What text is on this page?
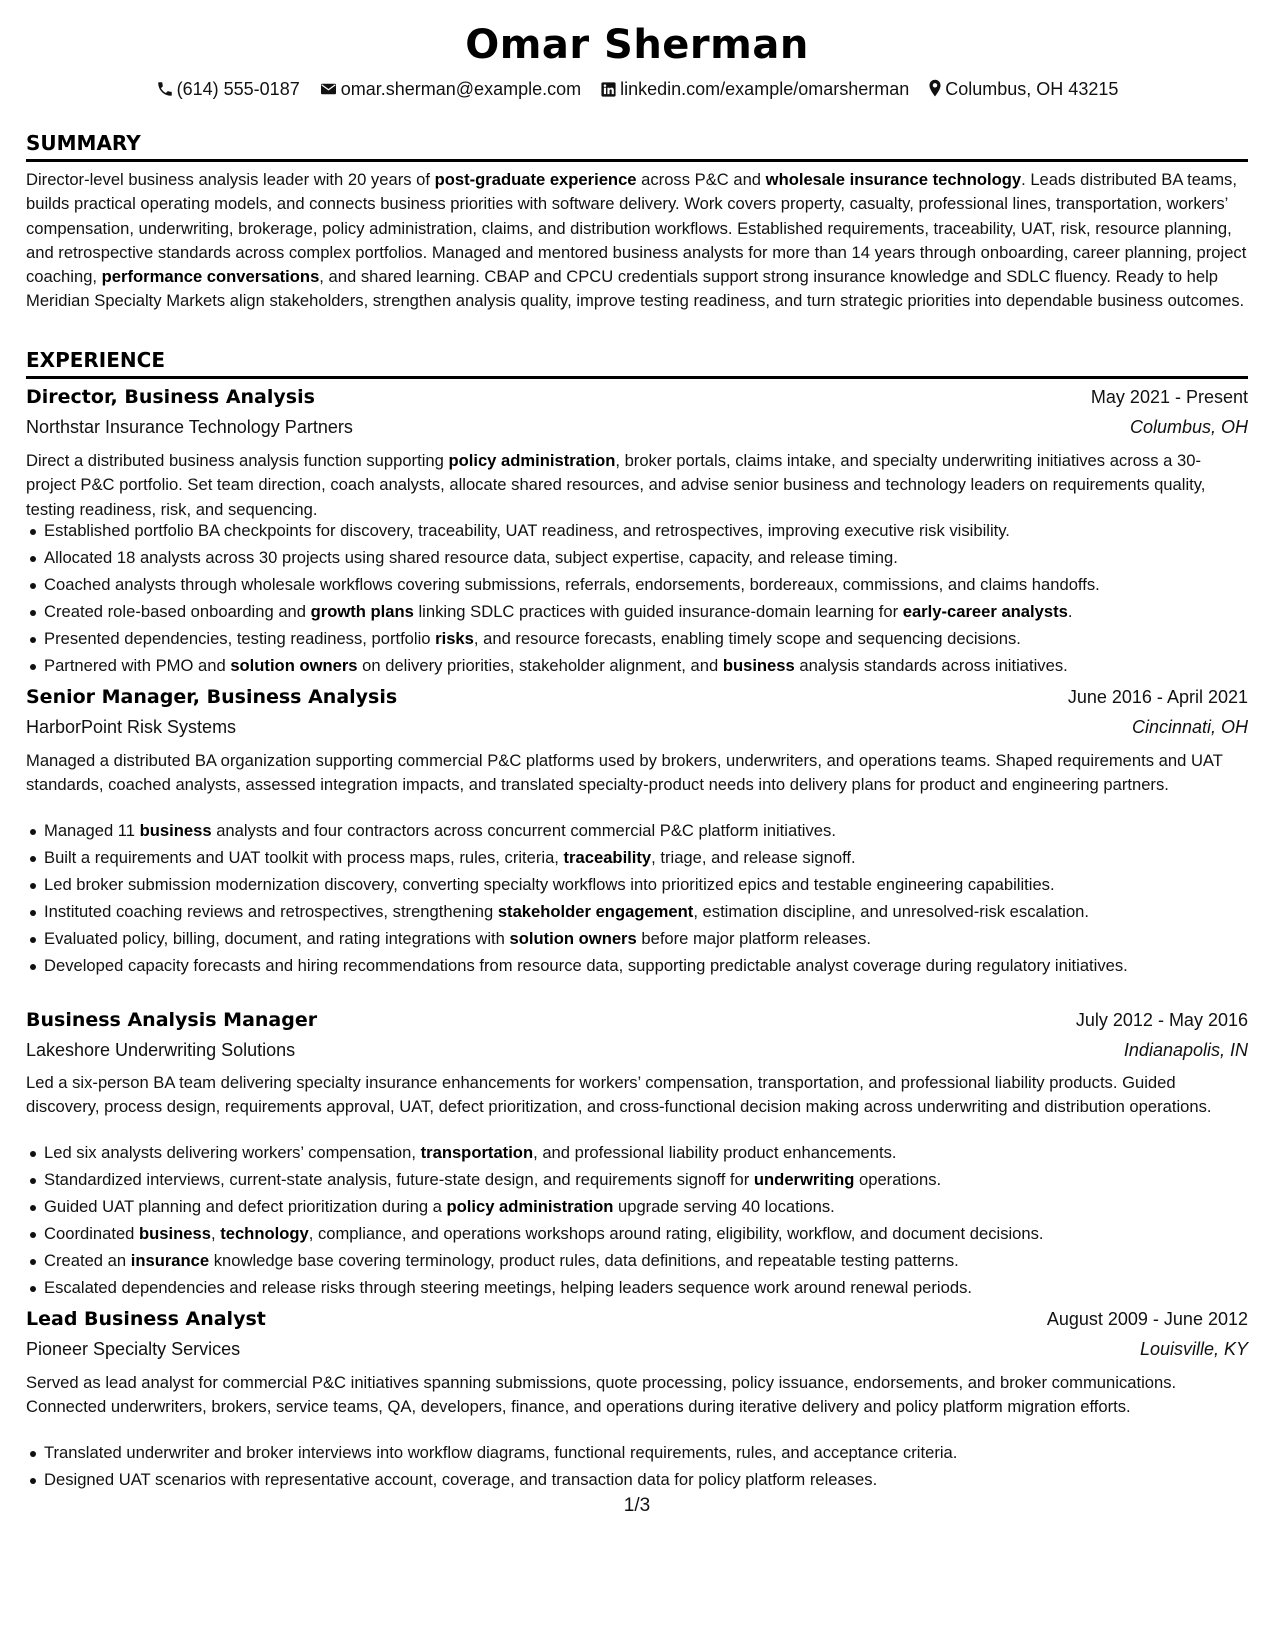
Omar Sherman
(614) 555-0187 omar.sherman@example.com linkedin.com/example/omarsherman Columbus, OH 43215
SUMMARY

Director-level business analysis leader with 20 years of post-graduate experience across P&C and wholesale insurance technology. Leads distributed BA teams, builds practical operating models, and connects business priorities with software delivery. Work covers property, casualty, professional lines, transportation, workers’ compensation, underwriting, brokerage, policy administration, claims, and distribution workflows. Established requirements, traceability, UAT, risk, resource planning, and retrospective standards across complex portfolios. Managed and mentored business analysts for more than 14 years through onboarding, career planning, project coaching, performance conversations, and shared learning. CBAP and CPCU credentials support strong insurance knowledge and SDLC fluency. Ready to help Meridian Specialty Markets align stakeholders, strengthen analysis quality, improve testing readiness, and turn strategic priorities into dependable business outcomes.

EXPERIENCE
Director, Business Analysis	May 2021 - Present
Northstar Insurance Technology Partners	Columbus, OH

Direct a distributed business analysis function supporting policy administration, broker portals, claims intake, and specialty underwriting initiatives across a 30-project P&C portfolio. Set team direction, coach analysts, allocate shared resources, and advise senior business and technology leaders on requirements quality, testing readiness, risk, and sequencing.

Established portfolio BA checkpoints for discovery, traceability, UAT readiness, and retrospectives, improving executive risk visibility.
Allocated 18 analysts across 30 projects using shared resource data, subject expertise, capacity, and release timing.
Coached analysts through wholesale workflows covering submissions, referrals, endorsements, bordereaux, commissions, and claims handoffs.
Created role-based onboarding and growth plans linking SDLC practices with guided insurance-domain learning for early-career analysts.
Presented dependencies, testing readiness, portfolio risks, and resource forecasts, enabling timely scope and sequencing decisions.
Partnered with PMO and solution owners on delivery priorities, stakeholder alignment, and business analysis standards across initiatives.
Senior Manager, Business Analysis	June 2016 - April 2021
HarborPoint Risk Systems	Cincinnati, OH

Managed a distributed BA organization supporting commercial P&C platforms used by brokers, underwriters, and operations teams. Shaped requirements and UAT standards, coached analysts, assessed integration impacts, and translated specialty-product needs into delivery plans for product and engineering partners.

Managed 11 business analysts and four contractors across concurrent commercial P&C platform initiatives.
Built a requirements and UAT toolkit with process maps, rules, criteria, traceability, triage, and release signoff.
Led broker submission modernization discovery, converting specialty workflows into prioritized epics and testable engineering capabilities.
Instituted coaching reviews and retrospectives, strengthening stakeholder engagement, estimation discipline, and unresolved-risk escalation.
Evaluated policy, billing, document, and rating integrations with solution owners before major platform releases.
Developed capacity forecasts and hiring recommendations from resource data, supporting predictable analyst coverage during regulatory initiatives.
Business Analysis Manager	July 2012 - May 2016
Lakeshore Underwriting Solutions	Indianapolis, IN

Led a six-person BA team delivering specialty insurance enhancements for workers’ compensation, transportation, and professional liability products. Guided discovery, process design, requirements approval, UAT, defect prioritization, and cross-functional decision making across underwriting and distribution operations.

Led six analysts delivering workers’ compensation, transportation, and professional liability product enhancements.
Standardized interviews, current-state analysis, future-state design, and requirements signoff for underwriting operations.
Guided UAT planning and defect prioritization during a policy administration upgrade serving 40 locations.
Coordinated business, technology, compliance, and operations workshops around rating, eligibility, workflow, and document decisions.
Created an insurance knowledge base covering terminology, product rules, data definitions, and repeatable testing patterns.
Escalated dependencies and release risks through steering meetings, helping leaders sequence work around renewal periods.
Lead Business Analyst	August 2009 - June 2012
Pioneer Specialty Services	Louisville, KY

Served as lead analyst for commercial P&C initiatives spanning submissions, quote processing, policy issuance, endorsements, and broker communications. Connected underwriters, brokers, service teams, QA, developers, finance, and operations during iterative delivery and policy platform migration efforts.

Translated underwriter and broker interviews into workflow diagrams, functional requirements, rules, and acceptance criteria.
Designed UAT scenarios with representative account, coverage, and transaction data for policy platform releases.
1/3
